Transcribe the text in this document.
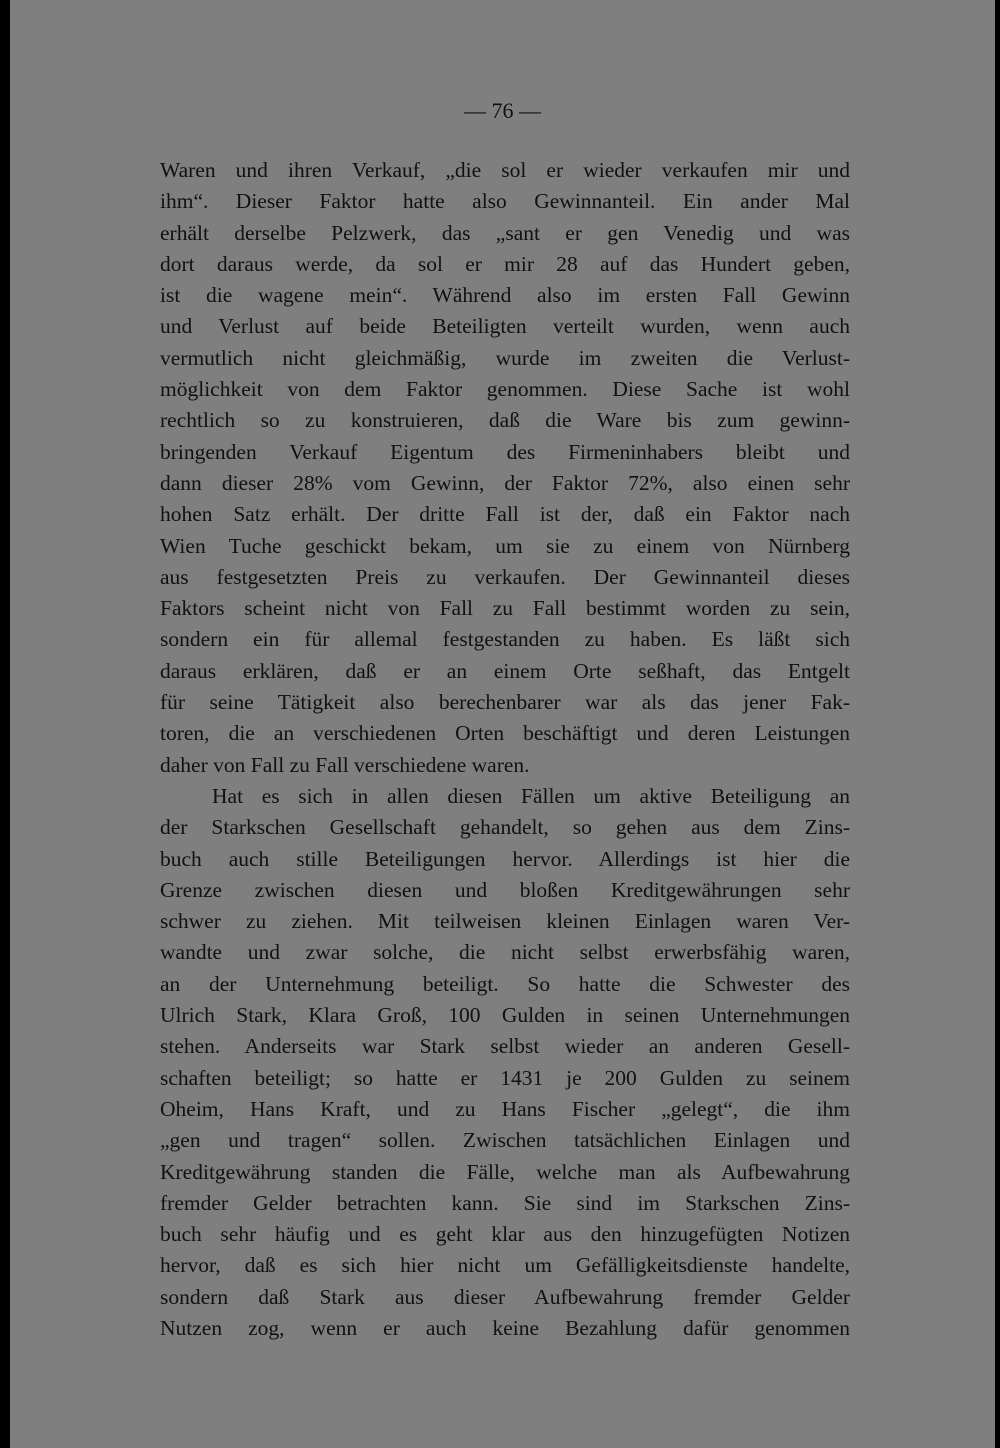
— 76 —
Waren und ihren Verkauf, „die sol er wieder verkaufen mir und
ihm“. Dieser Faktor hatte also Gewinnanteil. Ein ander Mal
erhält derselbe Pelzwerk, das „sant er gen Venedig und was
dort daraus werde, da sol er mir 28 auf das Hundert geben,
ist die wagene mein“. Während also im ersten Fall Gewinn
und Verlust auf beide Beteiligten verteilt wurden, wenn auch
vermutlich nicht gleichmäßig, wurde im zweiten die Verlust-
möglichkeit von dem Faktor genommen. Diese Sache ist wohl
rechtlich so zu konstruieren, daß die Ware bis zum gewinn-
bringenden Verkauf Eigentum des Firmeninhabers bleibt und
dann dieser 28% vom Gewinn, der Faktor 72%, also einen sehr
hohen Satz erhält. Der dritte Fall ist der, daß ein Faktor nach
Wien Tuche geschickt bekam, um sie zu einem von Nürnberg
aus festgesetzten Preis zu verkaufen. Der Gewinnanteil dieses
Faktors scheint nicht von Fall zu Fall bestimmt worden zu sein,
sondern ein für allemal festgestanden zu haben. Es läßt sich
daraus erklären, daß er an einem Orte seßhaft, das Entgelt
für seine Tätigkeit also berechenbarer war als das jener Fak-
toren, die an verschiedenen Orten beschäftigt und deren Leistungen
daher von Fall zu Fall verschiedene waren.
Hat es sich in allen diesen Fällen um aktive Beteiligung an
der Starkschen Gesellschaft gehandelt, so gehen aus dem Zins-
buch auch stille Beteiligungen hervor. Allerdings ist hier die
Grenze zwischen diesen und bloßen Kreditgewährungen sehr
schwer zu ziehen. Mit teilweisen kleinen Einlagen waren Ver-
wandte und zwar solche, die nicht selbst erwerbsfähig waren,
an der Unternehmung beteiligt. So hatte die Schwester des
Ulrich Stark, Klara Groß, 100 Gulden in seinen Unternehmungen
stehen. Anderseits war Stark selbst wieder an anderen Gesell-
schaften beteiligt; so hatte er 1431 je 200 Gulden zu seinem
Oheim, Hans Kraft, und zu Hans Fischer „gelegt“, die ihm
„gen und tragen“ sollen. Zwischen tatsächlichen Einlagen und
Kreditgewährung standen die Fälle, welche man als Aufbewahrung
fremder Gelder betrachten kann. Sie sind im Starkschen Zins-
buch sehr häufig und es geht klar aus den hinzugefügten Notizen
hervor, daß es sich hier nicht um Gefälligkeitsdienste handelte,
sondern daß Stark aus dieser Aufbewahrung fremder Gelder
Nutzen zog, wenn er auch keine Bezahlung dafür genommen
